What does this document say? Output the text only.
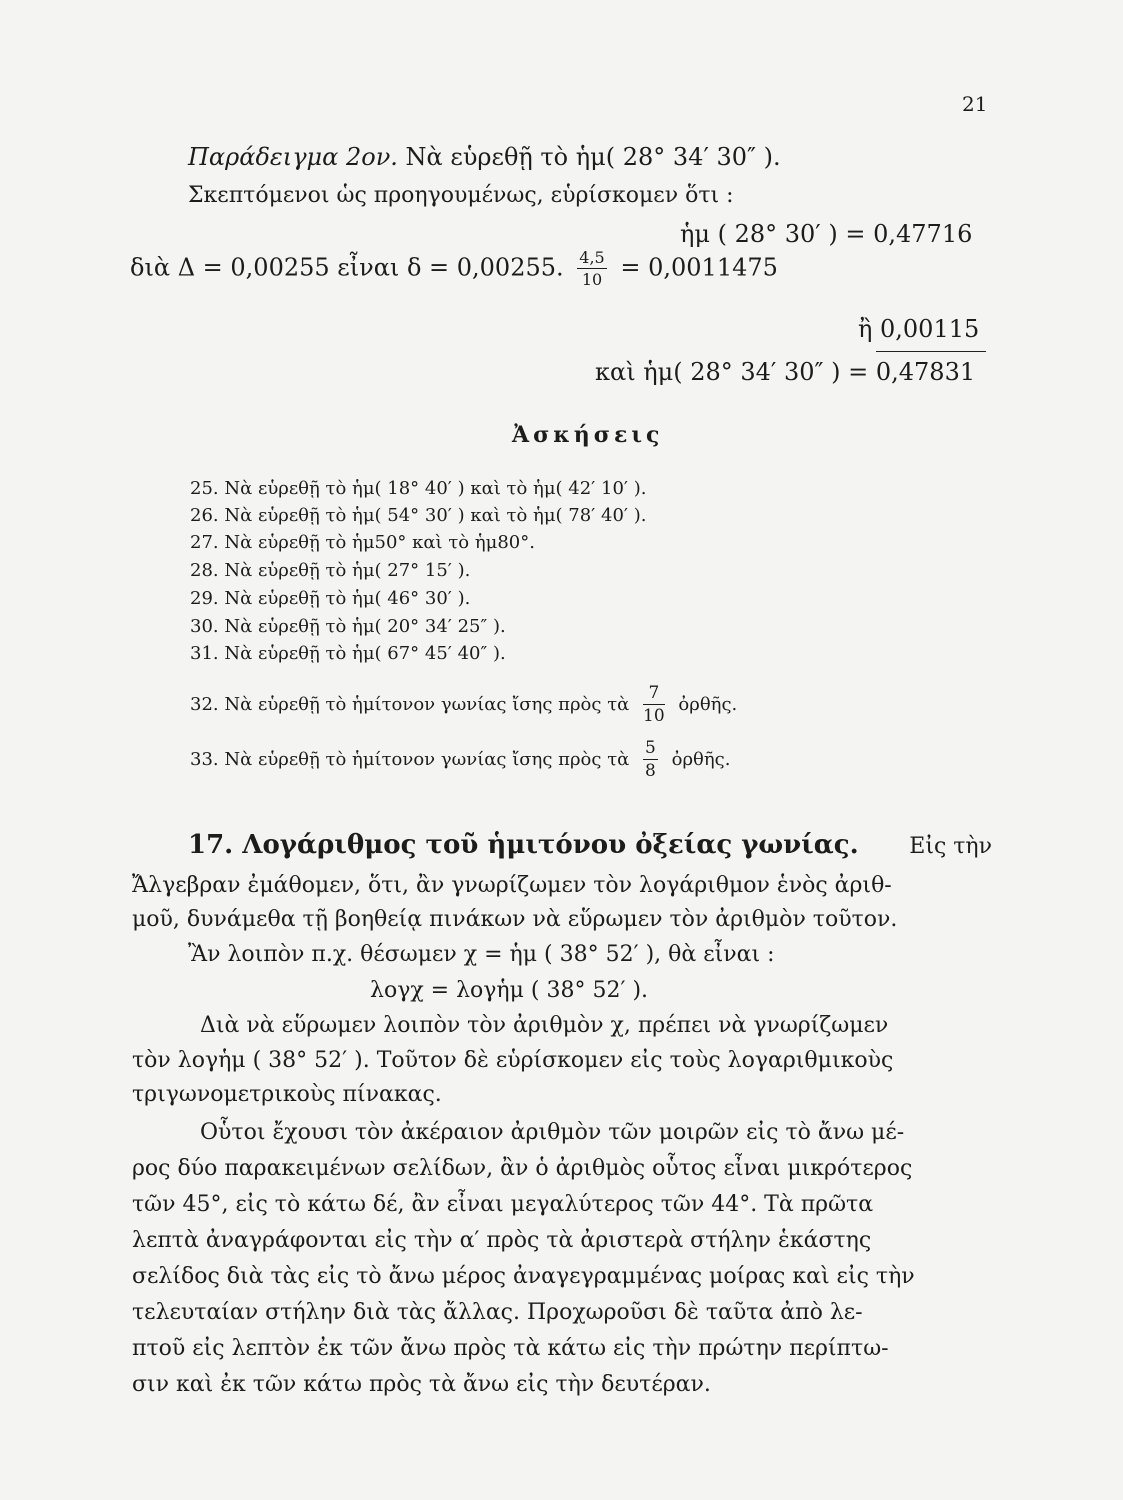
21
Παράδειγμα 2ον. Νὰ εὑρεθῇ τὸ ἡμ( 28° 34′ 30″ ).
Σκεπτόμενοι ὡς προηγουμένως, εὑρίσκομεν ὅτι :
ἡμ ( 28° 30′ ) = 0,47716
διὰ Δ = 0,00255 εἶναι δ = 0,00255. $\frac{4,5}{10} = 0,0011475$
ἢ 0,00115
καὶ ἡμ( 28° 34′ 30″ ) = 0,47831
Ἀσκήσεις
25. Νὰ εὑρεθῇ τὸ ἡμ( 18° 40′ ) καὶ τὸ ἡμ( 42′ 10′ ).
26. Νὰ εὑρεθῇ τὸ ἡμ( 54° 30′ ) καὶ τὸ ἡμ( 78′ 40′ ).
27. Νὰ εὑρεθῇ τὸ ἡμ50° καὶ τὸ ἡμ80°.
28. Νὰ εὑρεθῇ τὸ ἡμ( 27° 15′ ).
29. Νὰ εὑρεθῇ τὸ ἡμ( 46° 30′ ).
30. Νὰ εὑρεθῇ τὸ ἡμ( 20° 34′ 25″ ).
31. Νὰ εὑρεθῇ τὸ ἡμ( 67° 45′ 40″ ).
32. Νὰ εὑρεθῇ τὸ ἡμίτονον γωνίας ἴσης πρὸς τὰ $\frac{7}{10}$ ὀρθῆς.
33. Νὰ εὑρεθῇ τὸ ἡμίτονον γωνίας ἴσης πρὸς τὰ $\frac{5}{8}$ ὀρθῆς.
17. Λογάριθμος τοῦ ἡμιτόνου ὀξείας γωνίας. Εἰς τὴν
Ἄλγεβραν ἐμάθομεν, ὅτι, ἂν γνωρίζωμεν τὸν λογάριθμον ἑνὸς ἀριθ-
μοῦ, δυνάμεθα τῇ βοηθείᾳ πινάκων νὰ εὕρωμεν τὸν ἀριθμὸν τοῦτον.
Ἂν λοιπὸν π.χ. θέσωμεν χ = ἡμ ( 38° 52′ ), θὰ εἶναι :
λογχ = λογἡμ ( 38° 52′ ).
Διὰ νὰ εὕρωμεν λοιπὸν τὸν ἀριθμὸν χ, πρέπει νὰ γνωρίζωμεν
τὸν λογἡμ ( 38° 52′ ). Τοῦτον δὲ εὑρίσκομεν εἰς τοὺς λογαριθμικοὺς
τριγωνομετρικοὺς πίνακας.
Οὗτοι ἔχουσι τὸν ἀκέραιον ἀριθμὸν τῶν μοιρῶν εἰς τὸ ἄνω μέ-
ρος δύο παρακειμένων σελίδων, ἂν ὁ ἀριθμὸς οὗτος εἶναι μικρότερος
τῶν 45°, εἰς τὸ κάτω δέ, ἂν εἶναι μεγαλύτερος τῶν 44°. Τὰ πρῶτα
λεπτὰ ἀναγράφονται εἰς τὴν α′ πρὸς τὰ ἀριστερὰ στήλην ἑκάστης
σελίδος διὰ τὰς εἰς τὸ ἄνω μέρος ἀναγεγραμμένας μοίρας καὶ εἰς τὴν
τελευταίαν στήλην διὰ τὰς ἄλλας. Προχωροῦσι δὲ ταῦτα ἀπὸ λε-
πτοῦ εἰς λεπτὸν ἐκ τῶν ἄνω πρὸς τὰ κάτω εἰς τὴν πρώτην περίπτω-
σιν καὶ ἐκ τῶν κάτω πρὸς τὰ ἄνω εἰς τὴν δευτέραν.
